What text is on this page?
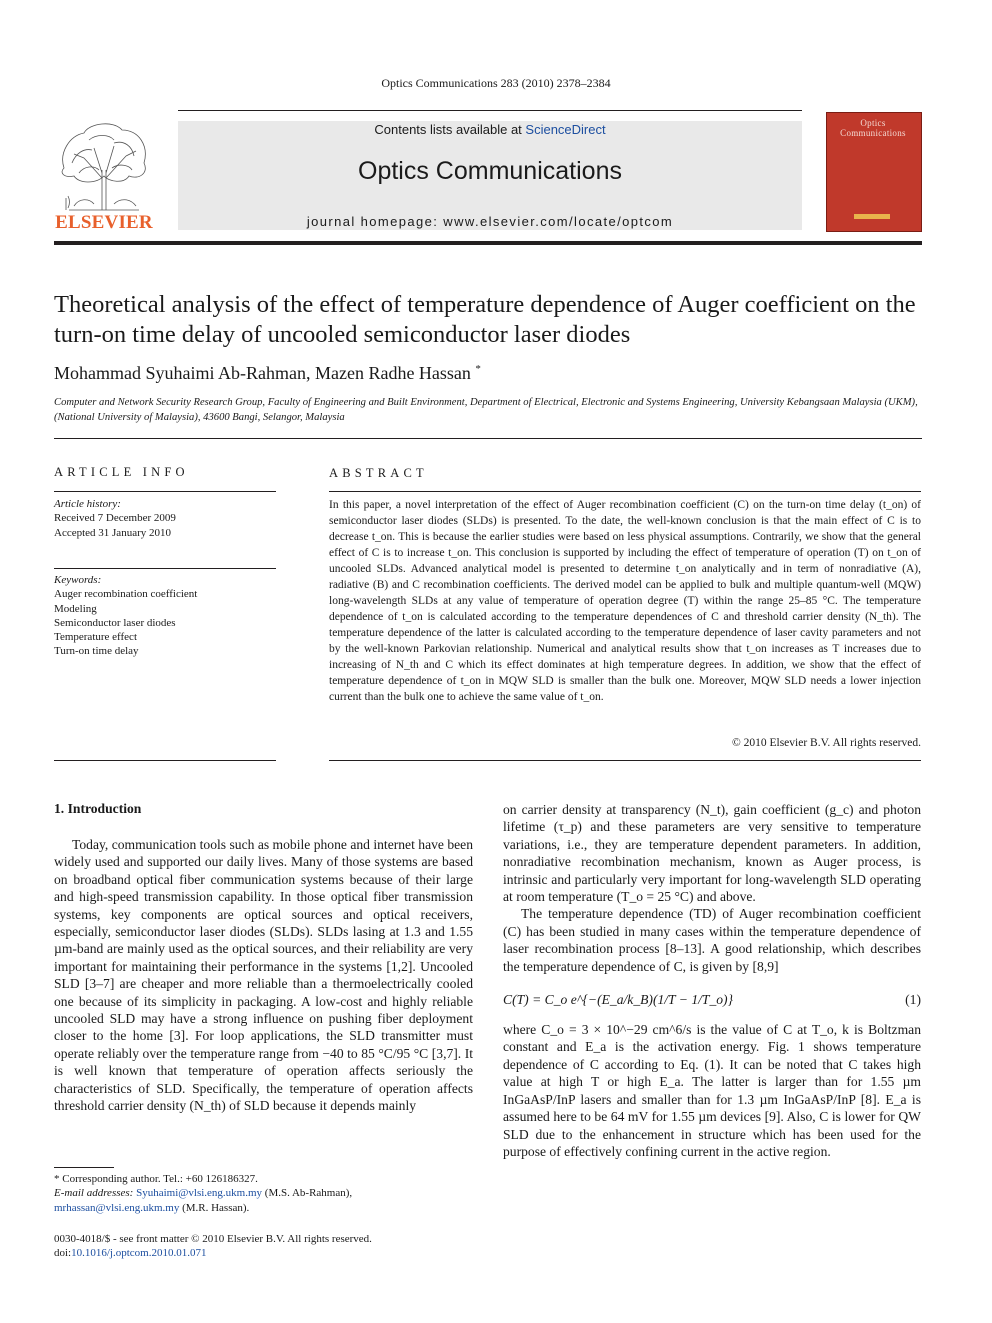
Optics Communications 283 (2010) 2378–2384
ELSEVIER
Contents lists available at ScienceDirect
Optics Communications
journal homepage: www.elsevier.com/locate/optcom
Optics
Communications
Theoretical analysis of the effect of temperature dependence of Auger coefficient on the turn-on time delay of uncooled semiconductor laser diodes
Mohammad Syuhaimi Ab-Rahman, Mazen Radhe Hassan *
Computer and Network Security Research Group, Faculty of Engineering and Built Environment, Department of Electrical, Electronic and Systems Engineering, University Kebangsaan Malaysia (UKM), (National University of Malaysia), 43600 Bangi, Selangor, Malaysia
ARTICLE INFO	ABSTRACT
Article history:
Received 7 December 2009
Accepted 31 January 2010
Keywords:
Auger recombination coefficient
Modeling
Semiconductor laser diodes
Temperature effect
Turn-on time delay
In this paper, a novel interpretation of the effect of Auger recombination coefficient (C) on the turn-on time delay (t_on) of semiconductor laser diodes (SLDs) is presented. To the date, the well-known conclusion is that the main effect of C is to decrease t_on. This is because the earlier studies were based on less physical assumptions. Contrarily, we show that the general effect of C is to increase t_on. This conclusion is supported by including the effect of temperature of operation (T) on t_on of uncooled SLDs. Advanced analytical model is presented to determine t_on analytically and in term of nonradiative (A), radiative (B) and C recombination coefficients. The derived model can be applied to bulk and multiple quantum-well (MQW) long-wavelength SLDs at any value of temperature of operation degree (T) within the range 25–85 °C. The temperature dependence of t_on is calculated according to the temperature dependences of C and threshold carrier density (N_th). The temperature dependence of the latter is calculated according to the temperature dependence of laser cavity parameters and not by the well-known Parkovian relationship. Numerical and analytical results show that t_on increases as T increases due to increasing of N_th and C which its effect dominates at high temperature degrees. In addition, we show that the effect of temperature dependence of t_on in MQW SLD is smaller than the bulk one. Moreover, MQW SLD needs a lower injection current than the bulk one to achieve the same value of t_on.
© 2010 Elsevier B.V. All rights reserved.
1. Introduction
Today, communication tools such as mobile phone and internet have been widely used and supported our daily lives. Many of those systems are based on broadband optical fiber communication systems because of their large and high-speed transmission capability. In those optical fiber transmission systems, key components are optical sources and optical receivers, especially, semiconductor laser diodes (SLDs). SLDs lasing at 1.3 and 1.55 µm-band are mainly used as the optical sources, and their reliability are very important for maintaining their performance in the systems [1,2]. Uncooled SLD [3–7] are cheaper and more reliable than a thermoelectrically cooled one because of its simplicity in packaging. A low-cost and highly reliable uncooled SLD may have a strong influence on pushing fiber deployment closer to the home [3]. For loop applications, the SLD transmitter must operate reliably over the temperature range from −40 to 85 °C/95 °C [3,7]. It is well known that temperature of operation affects seriously the characteristics of SLD. Specifically, the temperature of operation affects threshold carrier density (N_th) of SLD because it depends mainly
on carrier density at transparency (N_t), gain coefficient (g_c) and photon lifetime (τ_p) and these parameters are very sensitive to temperature variations, i.e., they are temperature dependent parameters. In addition, nonradiative recombination mechanism, known as Auger process, is intrinsic and particularly very important for long-wavelength SLD operating at room temperature (T_o = 25 °C) and above.
The temperature dependence (TD) of Auger recombination coefficient (C) has been studied in many cases within the temperature dependence of laser recombination process [8–13]. A good relationship, which describes the temperature dependence of C, is given by [8,9]
C(T) = C_o e^{−(E_a/k_B)(1/T − 1/T_o)}	(1)
where C_o = 3 × 10^−29 cm^6/s is the value of C at T_o, k is Boltzman constant and E_a is the activation energy. Fig. 1 shows temperature dependence of C according to Eq. (1). It can be noted that C takes high value at high T or high E_a. The latter is larger than for 1.55 µm InGaAsP/InP lasers and smaller than for 1.3 µm InGaAsP/InP [8]. E_a is assumed here to be 64 mV for 1.55 µm devices [9]. Also, C is lower for QW SLD due to the enhancement in structure which has been used for the purpose of effectively confining current in the active region.
* Corresponding author. Tel.: +60 126186327.
E-mail addresses: Syuhaimi@vlsi.eng.ukm.my (M.S. Ab-Rahman), mrhassan@vlsi.eng.ukm.my (M.R. Hassan).
0030-4018/$ - see front matter © 2010 Elsevier B.V. All rights reserved.
doi:10.1016/j.optcom.2010.01.071
